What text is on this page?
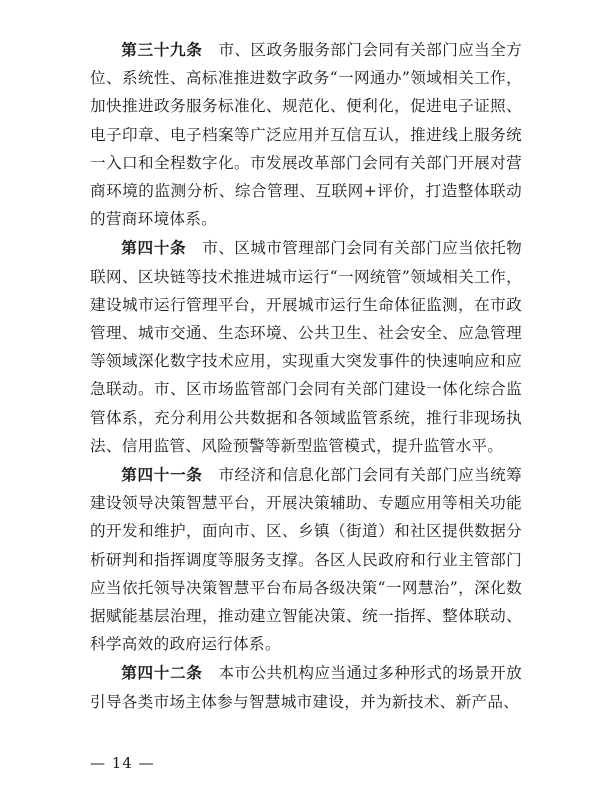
第三十九条  市、区政务服务部门会同有关部门应当全方位、系统性、高标准推进数字政务“一网通办”领域相关工作，加快推进政务服务标准化、规范化、便利化，促进电子证照、电子印章、电子档案等广泛应用并互信互认，推进线上服务统一入口和全程数字化。市发展改革部门会同有关部门开展对营商环境的监测分析、综合管理、互联网+评价，打造整体联动的营商环境体系。

第四十条  市、区城市管理部门会同有关部门应当依托物联网、区块链等技术推进城市运行“一网统管”领域相关工作，建设城市运行管理平台，开展城市运行生命体征监测，在市政管理、城市交通、生态环境、公共卫生、社会安全、应急管理等领域深化数字技术应用，实现重大突发事件的快速响应和应急联动。市、区市场监管部门会同有关部门建设一体化综合监管体系，充分利用公共数据和各领域监管系统，推行非现场执法、信用监管、风险预警等新型监管模式，提升监管水平。

第四十一条  市经济和信息化部门会同有关部门应当统筹建设领导决策智慧平台，开展决策辅助、专题应用等相关功能的开发和维护，面向市、区、乡镇（街道）和社区提供数据分析研判和指挥调度等服务支撑。各区人民政府和行业主管部门应当依托领导决策智慧平台布局各级决策“一网慧治”，深化数据赋能基层治理，推动建立智能决策、统一指挥、整体联动、科学高效的政府运行体系。

第四十二条  本市公共机构应当通过多种形式的场景开放引导各类市场主体参与智慧城市建设，并为新技术、新产品、

— 14 —
